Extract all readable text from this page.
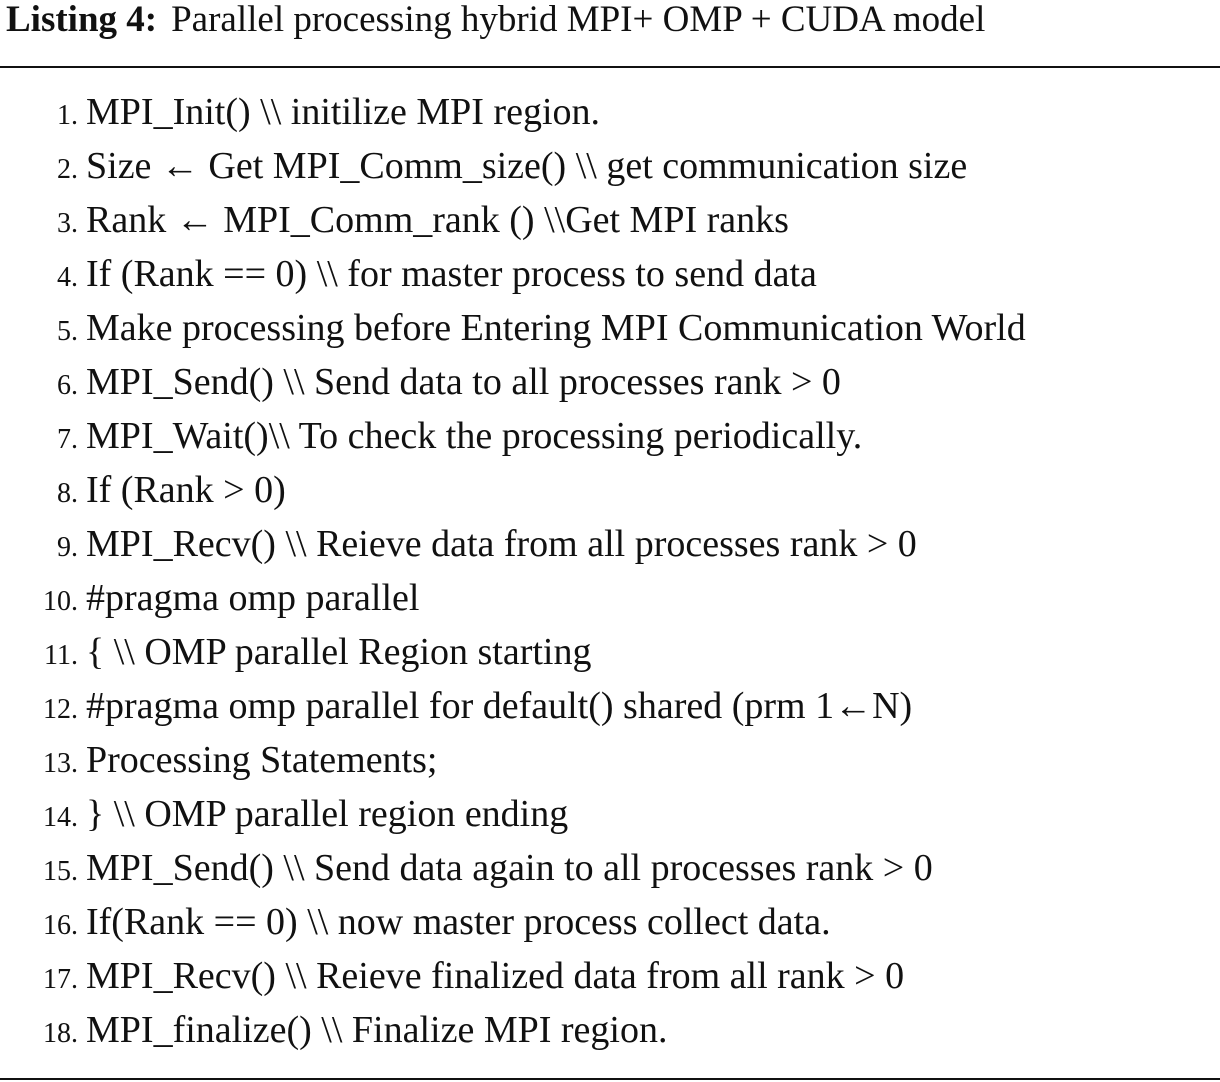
Listing 4: Parallel processing hybrid MPI+ OMP + CUDA model
1. MPI_Init() \\ initilize MPI region.
2. Size ← Get MPI_Comm_size() \\ get communication size
3. Rank ← MPI_Comm_rank () \\Get MPI ranks
4. If (Rank == 0) \\ for master process to send data
5. Make processing before Entering MPI Communication World
6. MPI_Send() \\ Send data to all processes rank > 0
7. MPI_Wait()\\ To check the processing periodically.
8. If (Rank > 0)
9. MPI_Recv() \\ Reieve data from all processes rank > 0
10. #pragma omp parallel
11. { \\ OMP parallel Region starting
12. #pragma omp parallel for default() shared (prm 1←N)
13. Processing Statements;
14. } \\ OMP parallel region ending
15. MPI_Send() \\ Send data again to all processes rank > 0
16. If(Rank == 0) \\ now master process collect data.
17. MPI_Recv() \\ Reieve finalized data from all rank > 0
18. MPI_finalize() \\ Finalize MPI region.
